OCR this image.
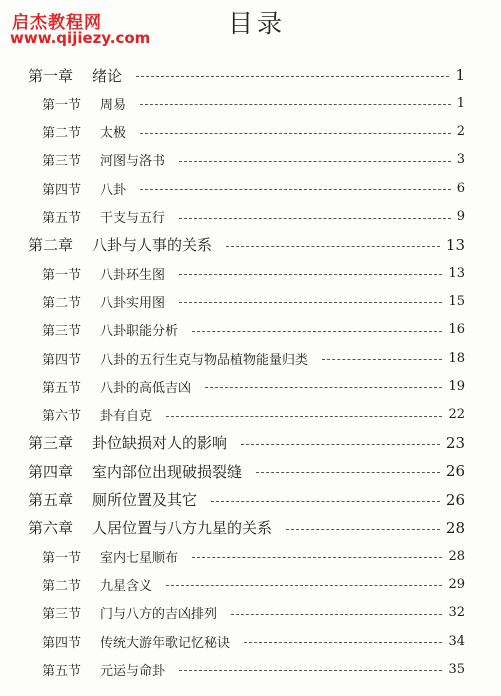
启杰教程网
www.qijiezy.com	目录
第一章 绪论	1
第一节 周易	1
第二节 太极	2
第三节 河图与洛书	3
第四节 八卦	6
第五节 干支与五行	9
第二章 八卦与人事的关系	13
第一节 八卦环生图	13
第二节 八卦实用图	15
第三节 八卦职能分析	16
第四节 八卦的五行生克与物品植物能量归类	18
第五节 八卦的高低吉凶	19
第六节 卦有自克	22
第三章 卦位缺损对人的影响	23
第四章 室内部位出现破损裂缝	26
第五章 厕所位置及其它	26
第六章 人居位置与八方九星的关系	28
第一节 室内七星顺布	28
第二节 九星含义	29
第三节 门与八方的吉凶排列	32
第四节 传统大游年歌记忆秘诀	34
第五节 元运与命卦	35
